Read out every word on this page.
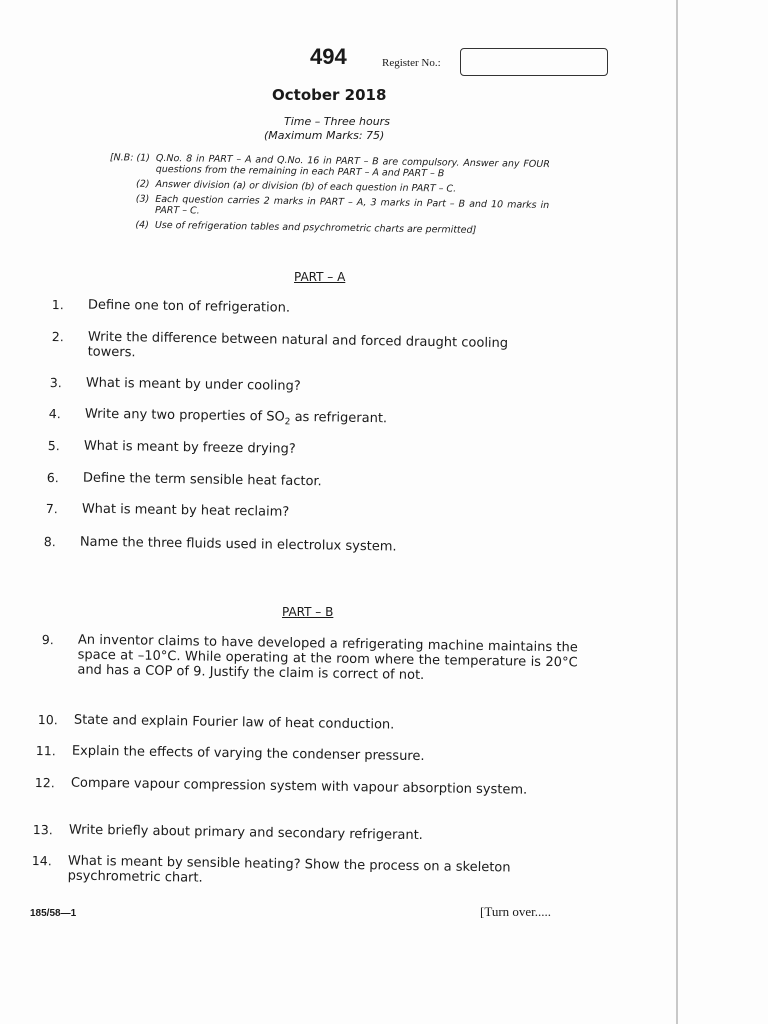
494	Register No.:
October 2018
Time – Three hours
(Maximum Marks: 75)
[N.B: (1) Q.No. 8 in PART – A and Q.No. 16 in PART – B are compulsory. Answer any FOUR questions from the remaining in each PART – A and PART – B
(2) Answer division (a) or division (b) of each question in PART – C.
(3) Each question carries 2 marks in PART – A, 3 marks in Part – B and 10 marks in PART – C.
(4) Use of refrigeration tables and psychrometric charts are permitted]
PART – A
1.	Define one ton of refrigeration.
2.	Write the difference between natural and forced draught cooling towers.
3.	What is meant by under cooling?
4.	Write any two properties of $SO_2$ as refrigerant.
5.	What is meant by freeze drying?
6.	Define the term sensible heat factor.
7.	What is meant by heat reclaim?
8.	Name the three fluids used in electrolux system.
PART – B
9.	An inventor claims to have developed a refrigerating machine maintains the space at –10°C. While operating at the room where the temperature is 20°C and has a COP of 9. Justify the claim is correct of not.
10.	State and explain Fourier law of heat conduction.
11.	Explain the effects of varying the condenser pressure.
12.	Compare vapour compression system with vapour absorption system.
13.	Write briefly about primary and secondary refrigerant.
14.	What is meant by sensible heating? Show the process on a skeleton psychrometric chart.
185/58—1	[Turn over.....
